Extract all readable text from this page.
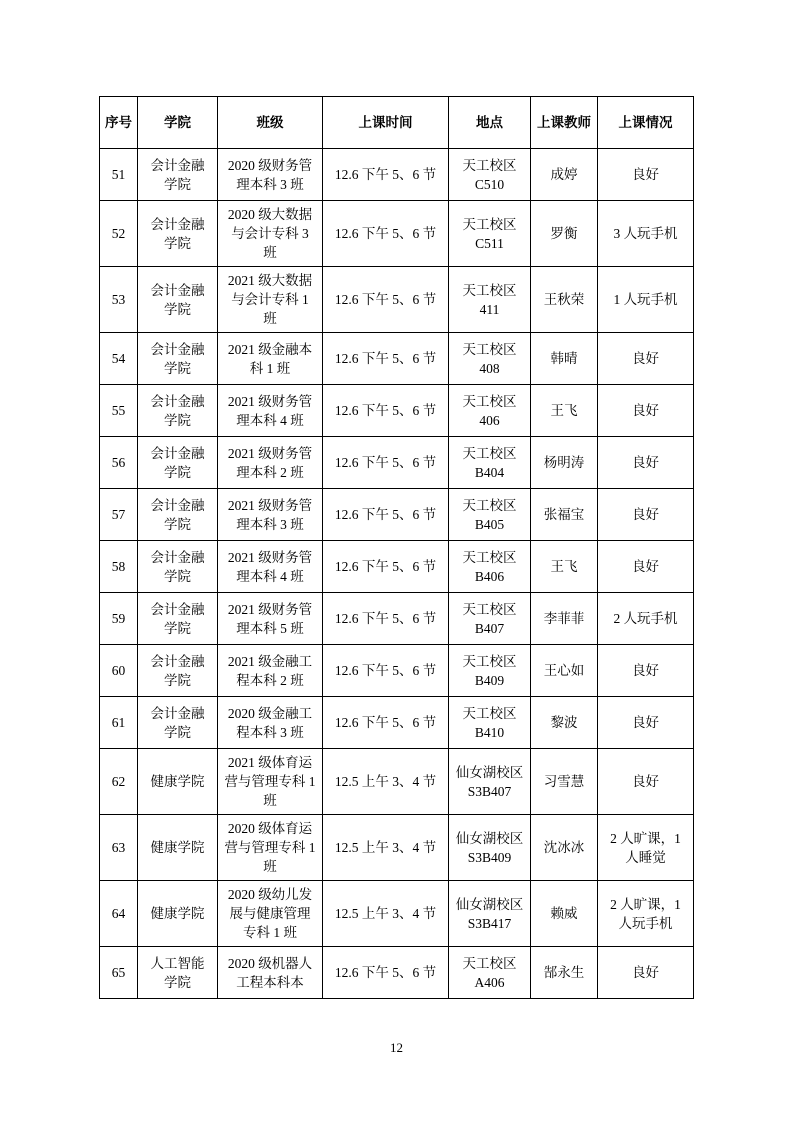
序号	学院	班级	上课时间	地点	上课教师	上课情况
51	会计金融学院	2020 级财务管理本科 3 班	12.6 下午 5、6 节	天工校区 C510	成婷	良好
52	会计金融学院	2020 级大数据与会计专科 3 班	12.6 下午 5、6 节	天工校区 C511	罗衡	3 人玩手机
53	会计金融学院	2021 级大数据与会计专科 1 班	12.6 下午 5、6 节	天工校区 411	王秋荣	1 人玩手机
54	会计金融学院	2021 级金融本科 1 班	12.6 下午 5、6 节	天工校区 408	韩晴	良好
55	会计金融学院	2021 级财务管理本科 4 班	12.6 下午 5、6 节	天工校区 406	王飞	良好
56	会计金融学院	2021 级财务管理本科 2 班	12.6 下午 5、6 节	天工校区 B404	杨明涛	良好
57	会计金融学院	2021 级财务管理本科 3 班	12.6 下午 5、6 节	天工校区 B405	张福宝	良好
58	会计金融学院	2021 级财务管理本科 4 班	12.6 下午 5、6 节	天工校区 B406	王飞	良好
59	会计金融学院	2021 级财务管理本科 5 班	12.6 下午 5、6 节	天工校区 B407	李菲菲	2 人玩手机
60	会计金融学院	2021 级金融工程本科 2 班	12.6 下午 5、6 节	天工校区 B409	王心如	良好
61	会计金融学院	2020 级金融工程本科 3 班	12.6 下午 5、6 节	天工校区 B410	黎波	良好
62	健康学院	2021 级体育运营与管理专科 1 班	12.5 上午 3、4 节	仙女湖校区 S3B407	习雪慧	良好
63	健康学院	2020 级体育运营与管理专科 1 班	12.5 上午 3、4 节	仙女湖校区 S3B409	沈冰冰	2 人旷课，1 人睡觉
64	健康学院	2020 级幼儿发展与健康管理专科 1 班	12.5 上午 3、4 节	仙女湖校区 S3B417	赖威	2 人旷课，1 人玩手机
65	人工智能学院	2020 级机器人工程本科本	12.6 下午 5、6 节	天工校区 A406	郜永生	良好
12
